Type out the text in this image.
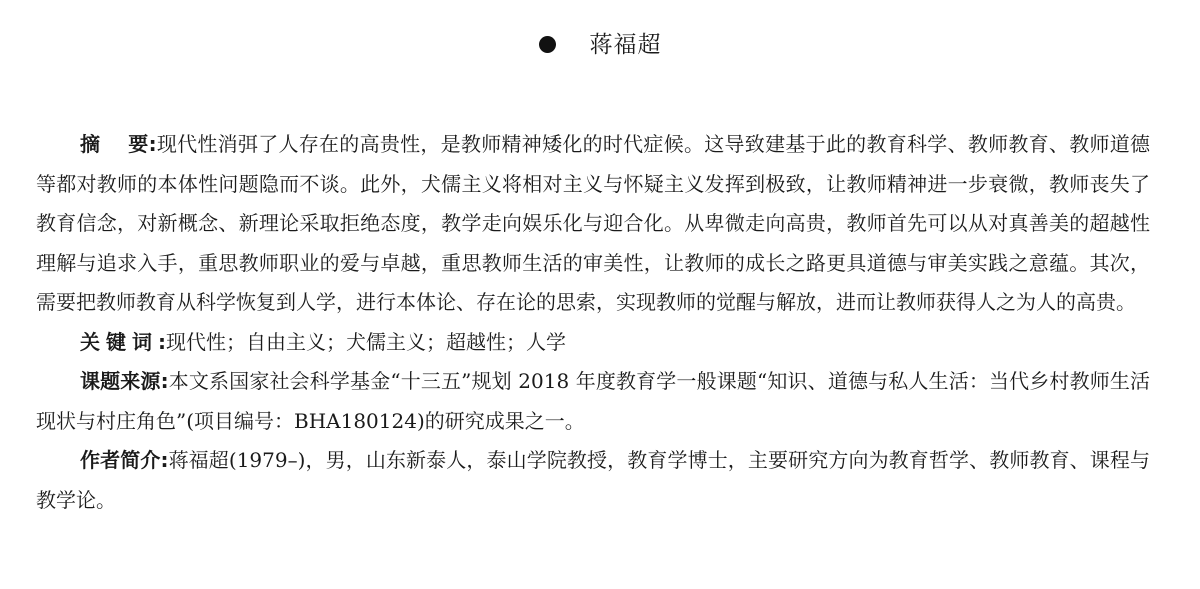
蒋福超

摘要:现代性消弭了人存在的高贵性，是教师精神矮化的时代症候。这导致建基于此的教育科学、教师教育、教师道德等都对教师的本体性问题隐而不谈。此外，犬儒主义将相对主义与怀疑主义发挥到极致，让教师精神进一步衰微，教师丧失了教育信念，对新概念、新理论采取拒绝态度，教学走向娱乐化与迎合化。从卑微走向高贵，教师首先可以从对真善美的超越性理解与追求入手，重思教师职业的爱与卓越，重思教师生活的审美性，让教师的成长之路更具道德与审美实践之意蕴。其次，需要把教师教育从科学恢复到人学，进行本体论、存在论的思索，实现教师的觉醒与解放，进而让教师获得人之为人的高贵。

关键词:现代性；自由主义；犬儒主义；超越性；人学

课题来源:本文系国家社会科学基金“十三五”规划 2018 年度教育学一般课题“知识、道德与私人生活：当代乡村教师生活现状与村庄角色”(项目编号：BHA180124)的研究成果之一。

作者简介:蒋福超(1979–)，男，山东新泰人，泰山学院教授，教育学博士，主要研究方向为教育哲学、教师教育、课程与教学论。
